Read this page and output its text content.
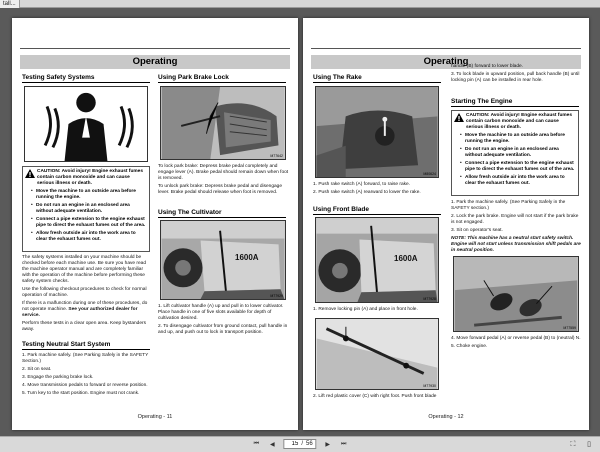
tall...
Operating
Testing Safety Systems
CAUTION: Avoid injury! Engine exhaust fumes contain carbon monoxide and can cause serious illness or death.
• Move the machine to an outside area before running the engine.
• Do not run an engine in an enclosed area without adequate ventilation.
• Connect a pipe extension to the engine exhaust pipe to direct the exhaust fumes out of the area.
• Allow fresh outside air into the work area to clear the exhaust fumes out.

The safety systems installed on your machine should be checked before each machine use. Be sure you have read the machine operator manual and are completely familiar with the operation of the machine before performing these safety system checks.

Use the following checkout procedures to check for normal operation of machine.

If there is a malfunction during one of these procedures, do not operate machine. See your authorized dealer for service.

Perform these tests in a clear open area. Keep bystanders away.

Testing Neutral Start System

1. Park machine safely. (See Parking Safely in the SAFETY Section.)

2. Sit on seat.

3. Engage the parking brake lock.

4. Move transmission pedals to forward or reverse position.

5. Turn key to the start position. Engine must not crank.

Using Park Brake Lock
M77642

To lock park brake: Depress brake pedal completely and engage lever (A). Brake pedal should remain down when foot is removed.

To unlock park brake: Depress brake pedal and disengage lever. Brake pedal should release when foot is removed.

Using The Cultivator
1600A
M77929

1. Lift cultivator handle (A) up and pull in to lower cultivator. Place handle in one of five slots available for depth of cultivation desired.

2. To disengage cultivator from ground contact, pull handle in and up, and push out to lock in transport position.

Operating - 11
Operating
Using The Rake
M80624

1. Push rake switch (A) forward, to raise rake.

2. Push rake switch (A) rearward to lower the rake.

Using Front Blade
1600A
M77928

1. Remove locking pin (A) and place in front hole.

M77930

2. Lift red plastic cover (C) with right foot. Push front blade

handle (B) forward to lower blade.

3. To lock blade in upward position, pull back handle (B) until locking pin (A) can be installed in rear hole.

Starting The Engine
CAUTION: Avoid injury! Engine exhaust fumes contain carbon monoxide and can cause serious illness or death.
• Move the machine to an outside area before running the engine.
• Do not run an engine in an enclosed area without adequate ventilation.
• Connect a pipe extension to the engine exhaust pipe to direct the exhaust fumes out of the area.
• Allow fresh outside air into the work area to clear the exhaust fumes out.

1. Park the machine safely. (See Parking Safely in the SAFETY section.)

2. Lock the park brake. Engine will not start if the park brake is not engaged.

3. Sit on operator's seat.

NOTE: This machine has a neutral start safety switch. Engine will not start unless transmission shift pedals are in neutral position.

M77559

4. Move forward pedal (A) or reverse pedal (B) to (neutral) N.

5. Choke engine.

Operating - 12
⏮	◀
15	/ 56	▶	⏭	⛶	▯
